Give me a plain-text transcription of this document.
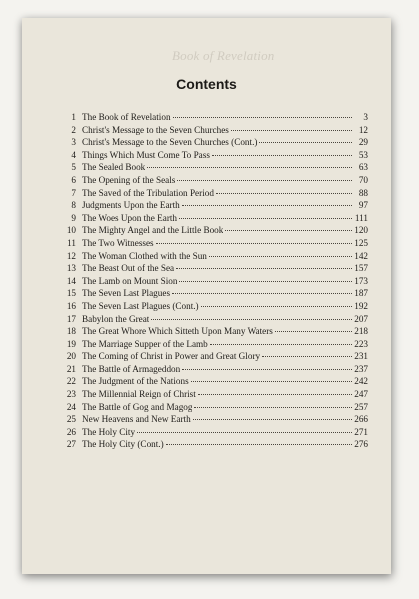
Book of Revelation
Contents
1 The Book of Revelation	3
2 Christ's Message to the Seven Churches	12
3 Christ's Message to the Seven Churches (Cont.)	29
4 Things Which Must Come To Pass	53
5 The Sealed Book	63
6 The Opening of the Seals	70
7 The Saved of the Tribulation Period	88
8 Judgments Upon the Earth	97
9 The Woes Upon the Earth	111
10 The Mighty Angel and the Little Book	120
11 The Two Witnesses	125
12 The Woman Clothed with the Sun	142
13 The Beast Out of the Sea	157
14 The Lamb on Mount Sion	173
15 The Seven Last Plagues	187
16 The Seven Last Plagues (Cont.)	192
17 Babylon the Great	207
18 The Great Whore Which Sitteth Upon Many Waters	218
19 The Marriage Supper of the Lamb	223
20 The Coming of Christ in Power and Great Glory	231
21 The Battle of Armageddon	237
22 The Judgment of the Nations	242
23 The Millennial Reign of Christ	247
24 The Battle of Gog and Magog	257
25 New Heavens and New Earth	266
26 The Holy City	271
27 The Holy City (Cont.)	276
